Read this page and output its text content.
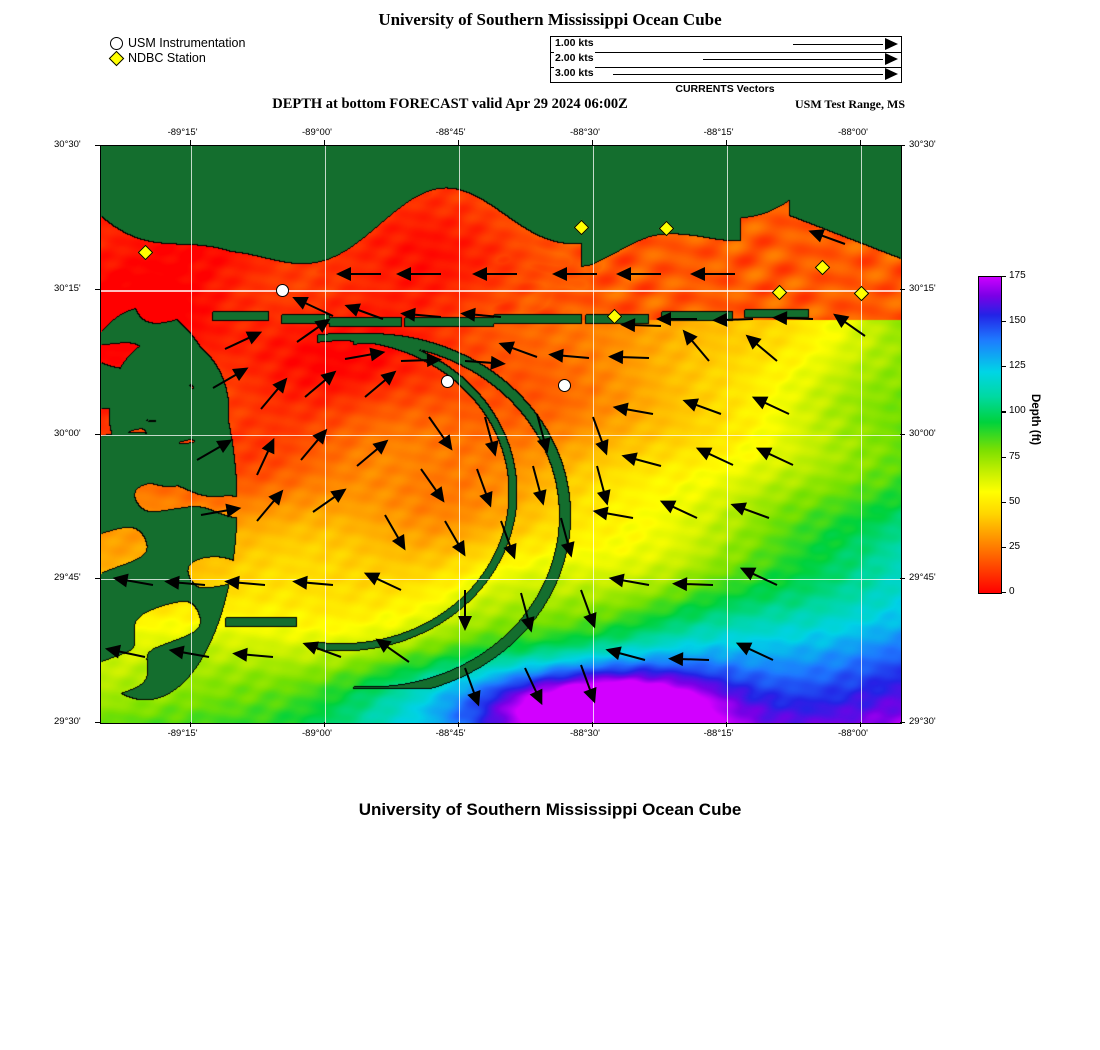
University of Southern Mississippi Ocean Cube
USM Instrumentation
NDBC Station
1.00 kts
2.00 kts
3.00 kts
CURRENTS Vectors
DEPTH at bottom FORECAST valid Apr 29 2024 06:00Z	USM Test Range, MS
-89°15'
-89°15'
-89°00'
-89°00'
-88°45'
-88°45'
-88°30'
-88°30'
-88°15'
-88°15'
-88°00'
-88°00'
30°30'	30°30'
30°15'	30°15'
30°00'	30°00'
29°45'	29°45'
29°30'	29°30'
0
25
50
75
100
125
150
175
Depth (ft)
University of Southern Mississippi Ocean Cube
